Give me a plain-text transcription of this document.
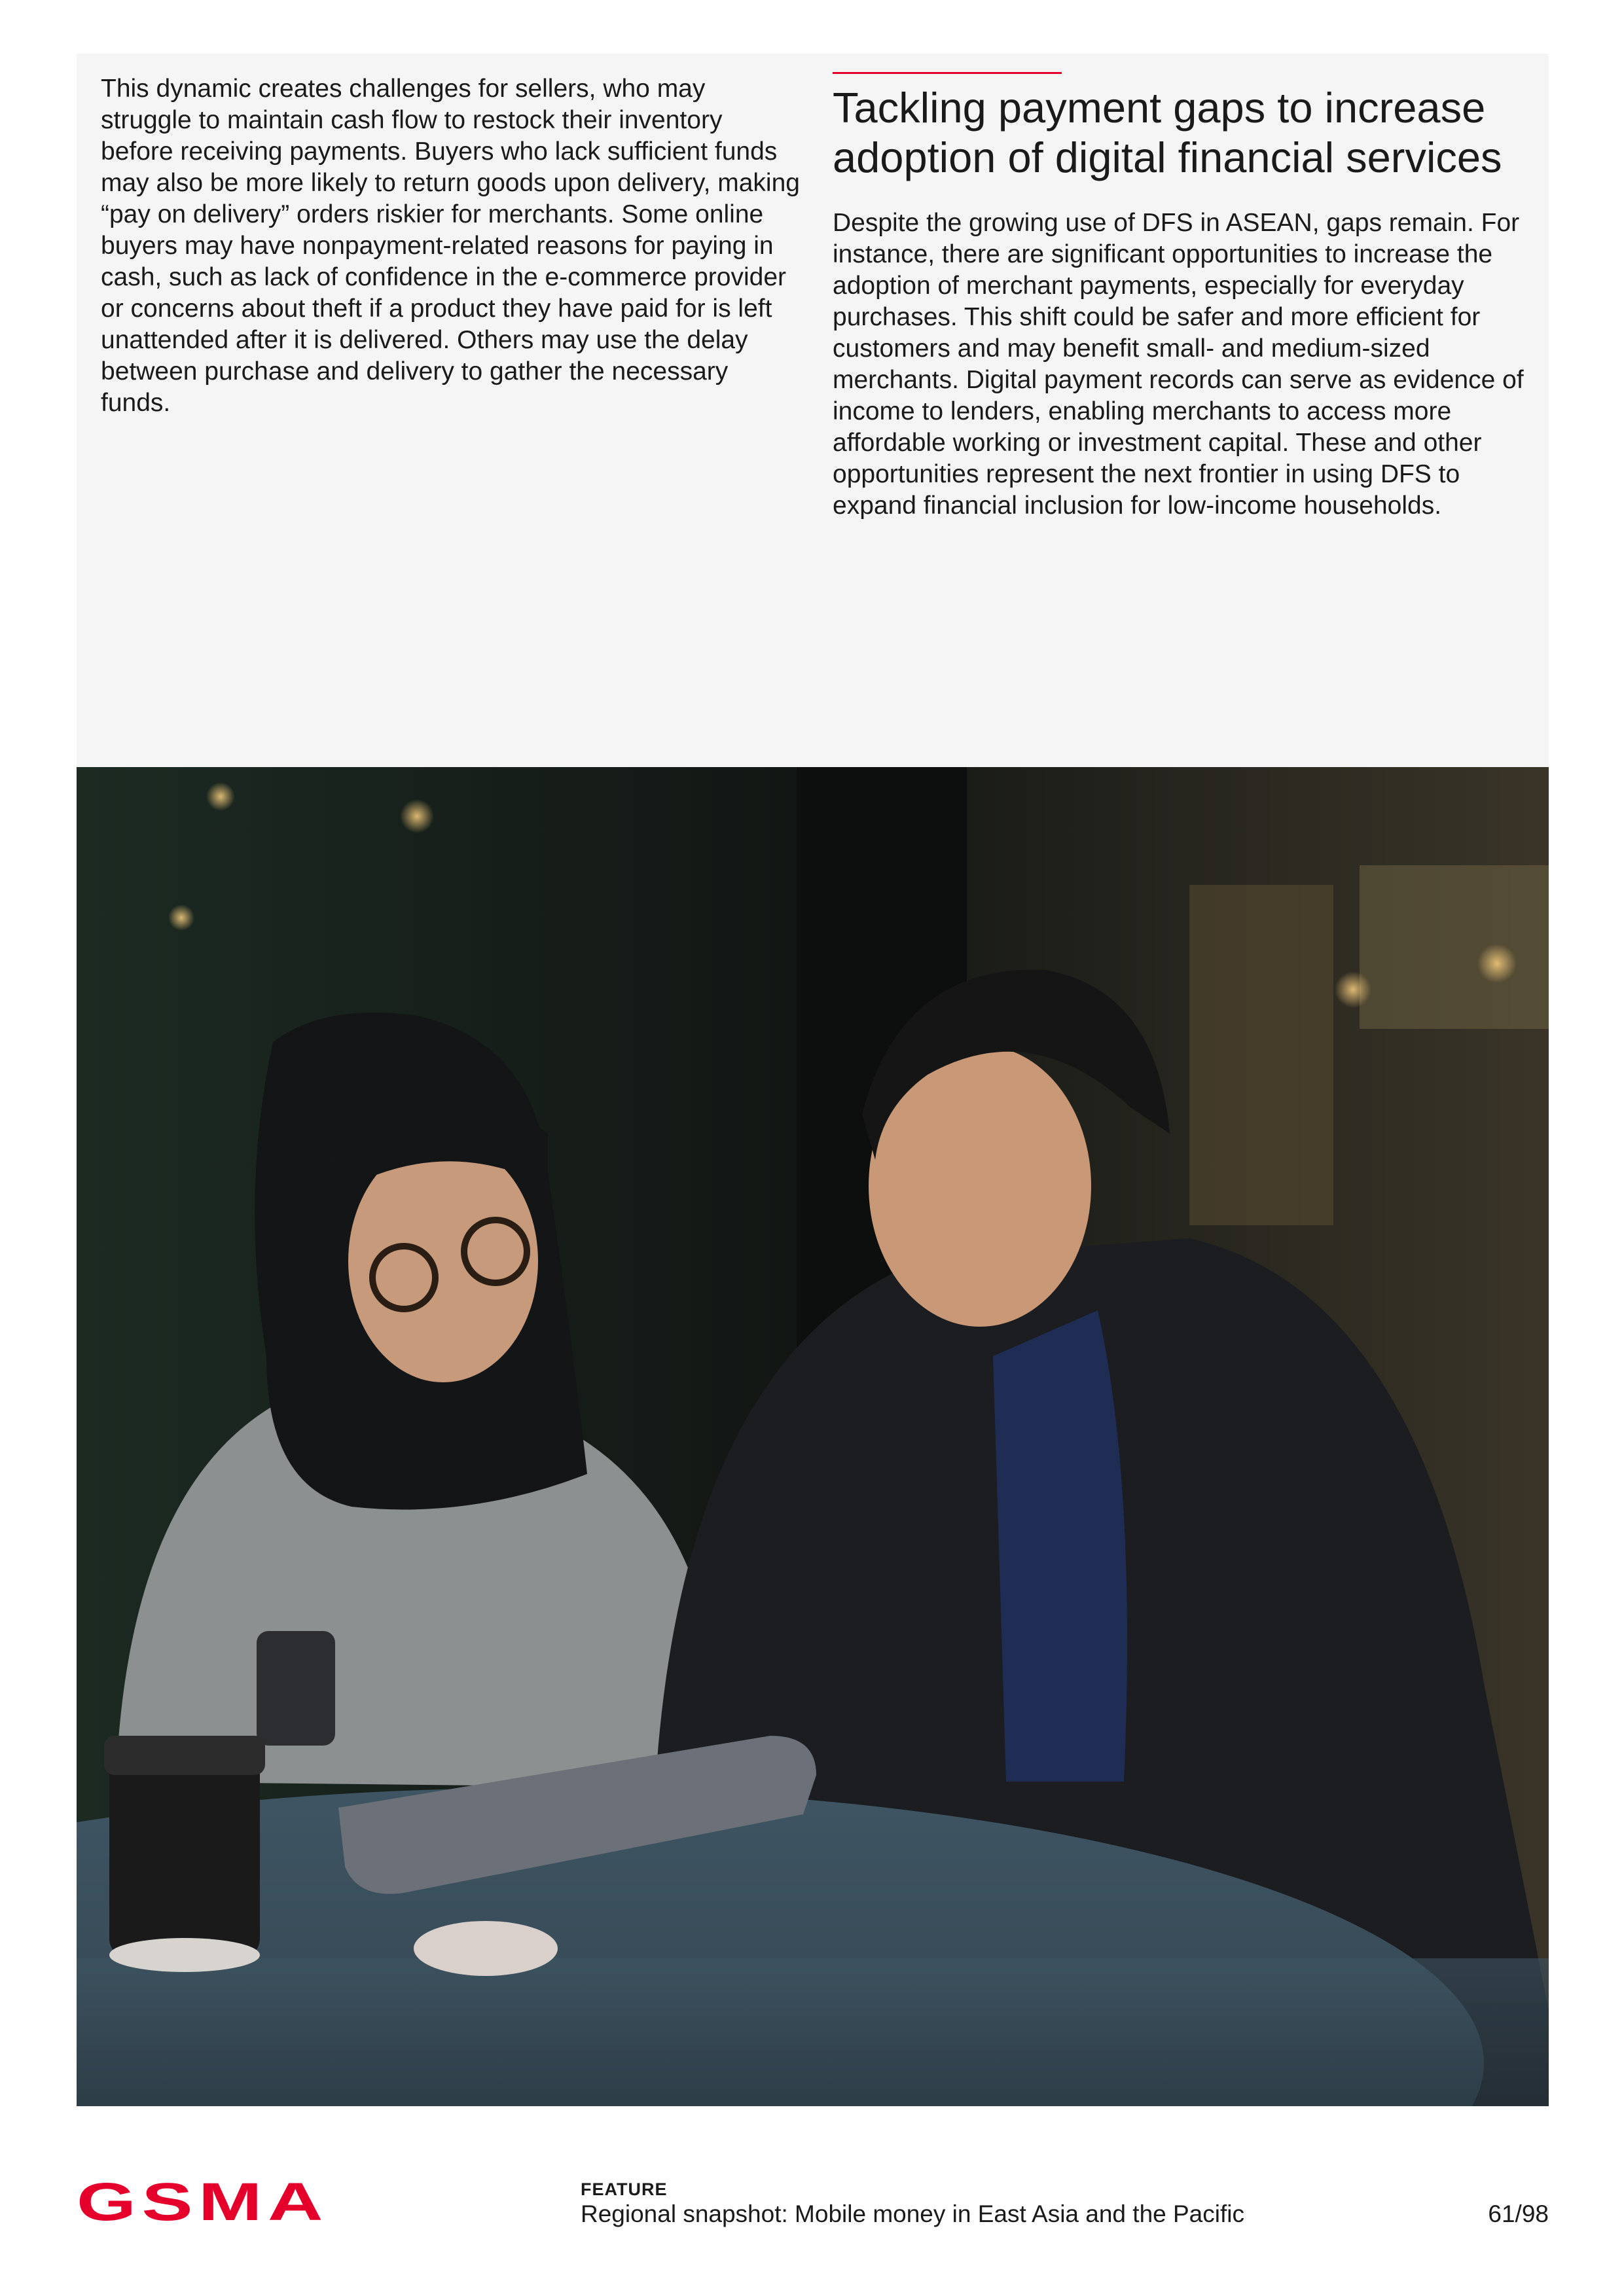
This dynamic creates challenges for sellers, who may struggle to maintain cash flow to restock their inventory before receiving payments. Buyers who lack sufficient funds may also be more likely to return goods upon delivery, making “pay on delivery” orders riskier for merchants. Some online buyers may have nonpayment-related reasons for paying in cash, such as lack of confidence in the e-commerce provider or concerns about theft if a product they have paid for is left unattended after it is delivered. Others may use the delay between purchase and delivery to gather the necessary funds.

Tackling payment gaps to increase adoption of digital financial services

Despite the growing use of DFS in ASEAN, gaps remain. For instance, there are significant opportunities to increase the adoption of merchant payments, especially for everyday purchases. This shift could be safer and more efficient for customers and may benefit small- and medium-sized merchants. Digital payment records can serve as evidence of income to lenders, enabling merchants to access more affordable working or investment capital. These and other opportunities represent the next frontier in using DFS to expand financial inclusion for low-income households.

GSMA	FEATURE
Regional snapshot: Mobile money in East Asia and the Pacific	61/98
